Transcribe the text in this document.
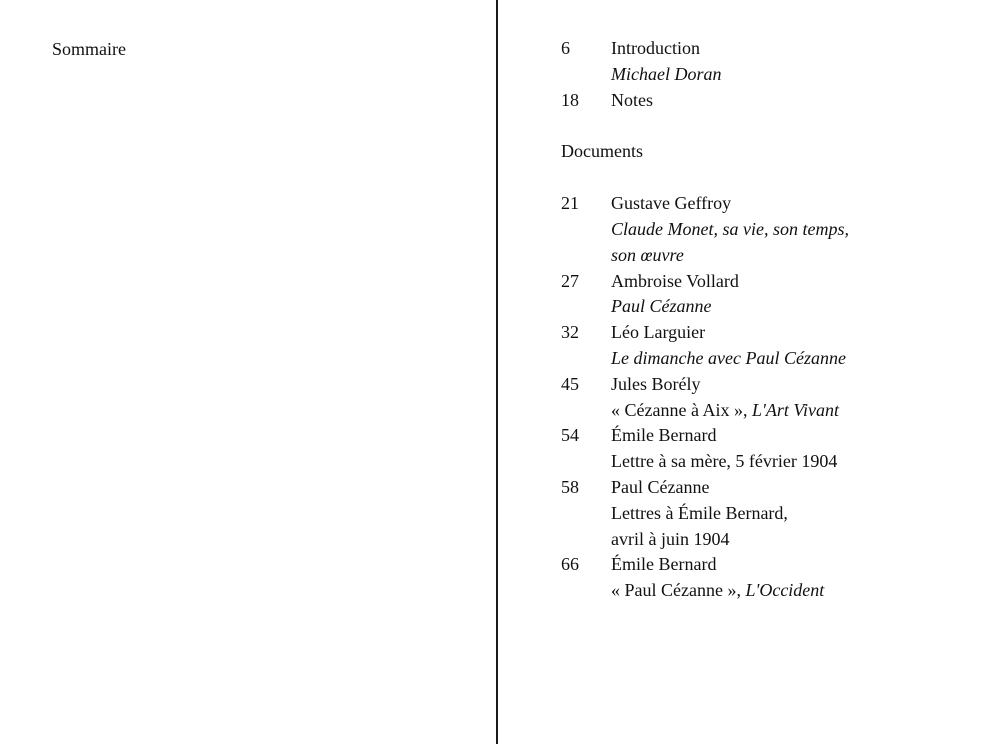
Sommaire	6	Introduction
Michael Doran
18	Notes
Documents
21	Gustave Geffroy
Claude Monet, sa vie, son temps,
son œuvre
27	Ambroise Vollard
Paul Cézanne
32	Léo Larguier
Le dimanche avec Paul Cézanne
45	Jules Borély
« Cézanne à Aix », L'Art Vivant
54	Émile Bernard
Lettre à sa mère, 5 février 1904
58	Paul Cézanne
Lettres à Émile Bernard,
avril à juin 1904
66	Émile Bernard
« Paul Cézanne », L'Occident
